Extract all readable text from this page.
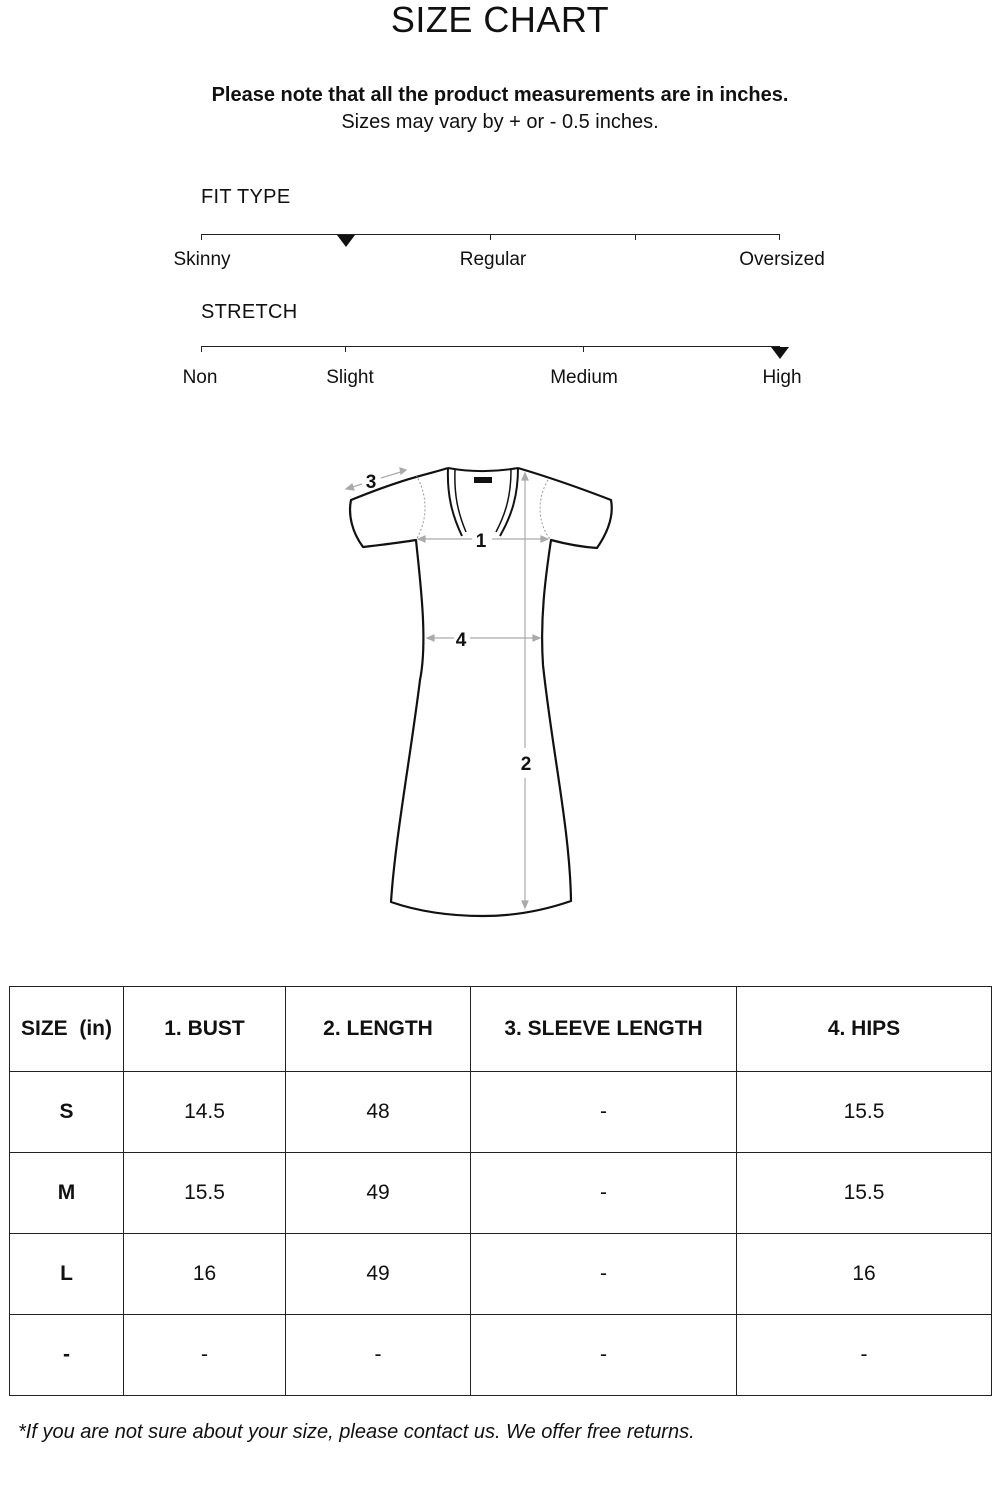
SIZE CHART
Please note that all the product measurements are in inches.
Sizes may vary by + or - 0.5 inches.
FIT TYPE
Skinny	Regular	Oversized
STRETCH
Non	Slight	Medium	High
1
2
3
4
SIZE  (in)	1. BUST	2. LENGTH	3. SLEEVE LENGTH	4. HIPS
S	14.5	48	-	15.5
M	15.5	49	-	15.5
L	16	49	-	16
-	-	-	-	-
*If you are not sure about your size, please contact us. We offer free returns.
